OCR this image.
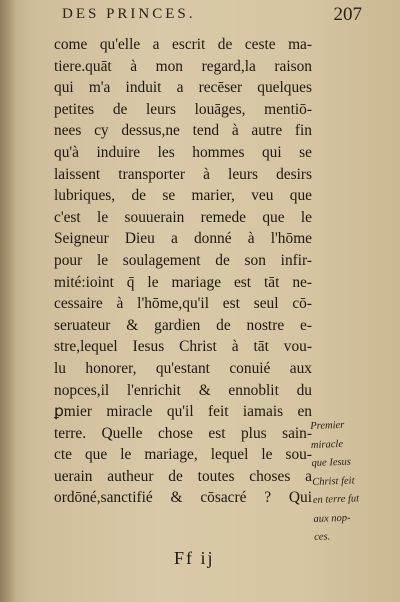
DES PRINCES.	207
come qu'elle a escrit de ceste ma-
tiere.quāt à mon regard,la raison
qui m'a induit a recēser quelques
petites de leurs louāges, mentiō-
nees cy dessus,ne tend à autre fin
qu'à induire les hommes qui se
laissent transporter à leurs desirs
lubriques, de se marier, veu que
c'est le souuerain remede que le
Seigneur Dieu a donné à l'hōme
pour le soulagement de son infir-
mité:ioint q̄ le mariage est tāt ne-
cessaire à l'hōme,qu'il est seul cō-
seruateur & gardien de nostre e-
stre,lequel Iesus Christ à tāt vou-
lu honorer, qu'estant conuié aux
nopces,il l'enrichit & ennoblit du
ꝑmier miracle qu'il feit iamais en
terre. Quelle chose est plus sain-
cte que le mariage, lequel le sou-
uerain autheur de toutes choses a
ordōné,sanctifié & cōsacré ? Qui
Premier
miracle
que Iesus
Christ feit
en terre fut
aux nop-
ces.
Ff ij
